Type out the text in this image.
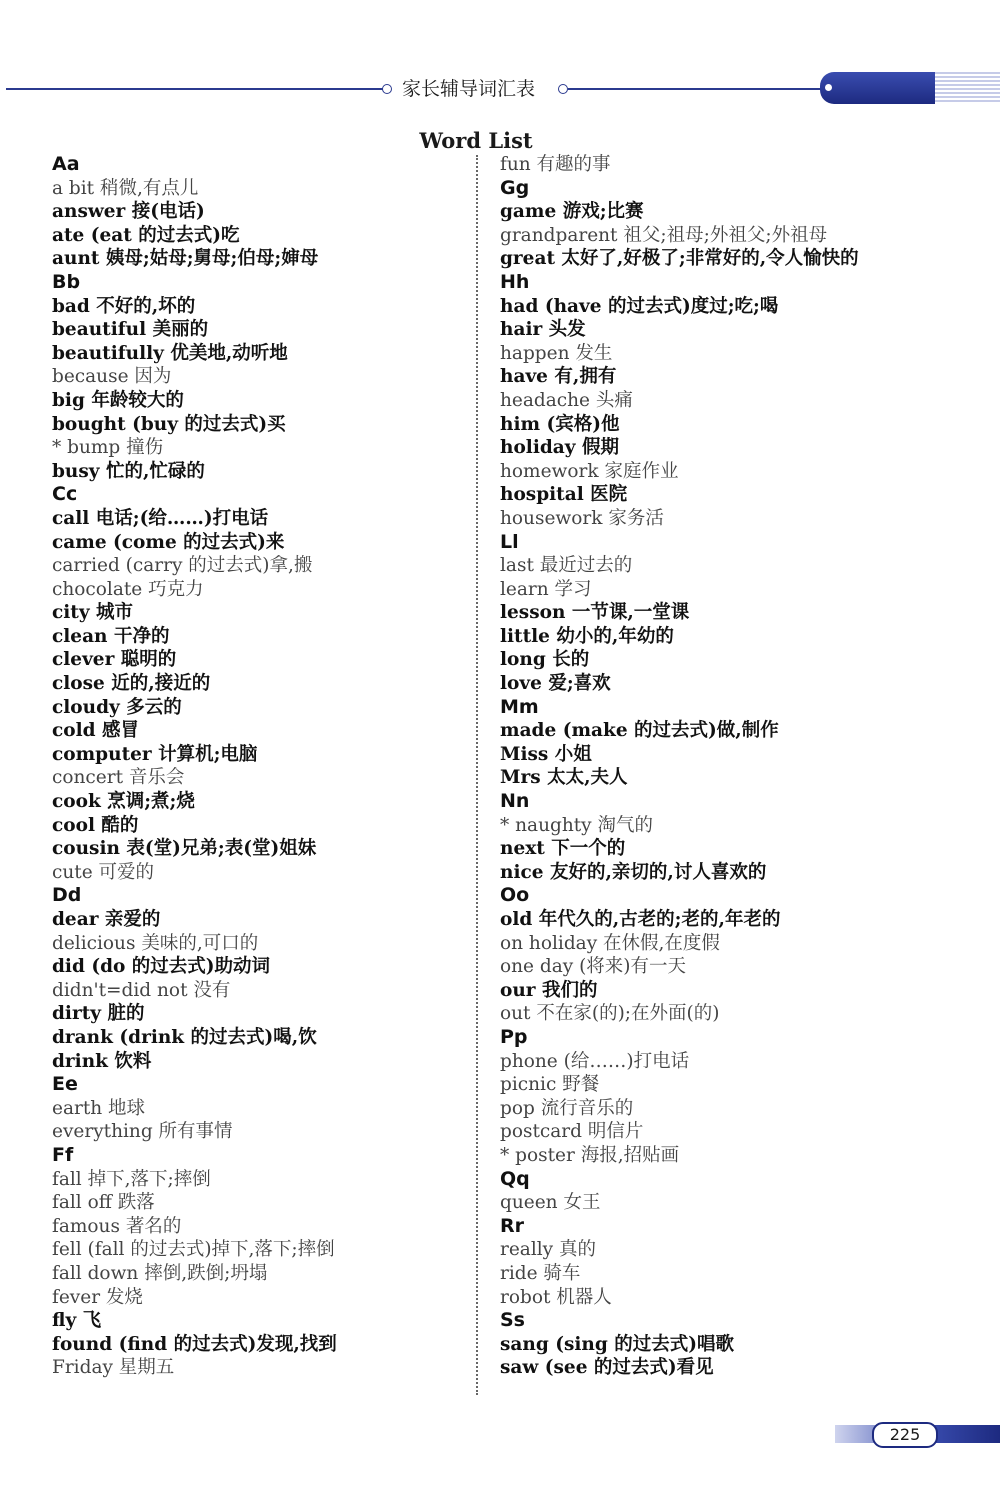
家长辅导词汇表
Word List
Aa
a bit 稍微,有点儿
answer 接(电话)
ate (eat 的过去式)吃
aunt 姨母;姑母;舅母;伯母;婶母
Bb
bad 不好的,坏的
beautiful 美丽的
beautifully 优美地,动听地
because 因为
big 年龄较大的
bought (buy 的过去式)买
* bump 撞伤
busy 忙的,忙碌的
Cc
call 电话;(给……)打电话
came (come 的过去式)来
carried (carry 的过去式)拿,搬
chocolate 巧克力
city 城市
clean 干净的
clever 聪明的
close 近的,接近的
cloudy 多云的
cold 感冒
computer 计算机;电脑
concert 音乐会
cook 烹调;煮;烧
cool 酷的
cousin 表(堂)兄弟;表(堂)姐妹
cute 可爱的
Dd
dear 亲爱的
delicious 美味的,可口的
did (do 的过去式)助动词
didn't=did not 没有
dirty 脏的
drank (drink 的过去式)喝,饮
drink 饮料
Ee
earth 地球
everything 所有事情
Ff
fall 掉下,落下;摔倒
fall off 跌落
famous 著名的
fell (fall 的过去式)掉下,落下;摔倒
fall down 摔倒,跌倒;坍塌
fever 发烧
fly 飞
found (find 的过去式)发现,找到
Friday 星期五
fun 有趣的事
Gg
game 游戏;比赛
grandparent 祖父;祖母;外祖父;外祖母
great 太好了,好极了;非常好的,令人愉快的
Hh
had (have 的过去式)度过;吃;喝
hair 头发
happen 发生
have 有,拥有
headache 头痛
him (宾格)他
holiday 假期
homework 家庭作业
hospital 医院
housework 家务活
Ll
last 最近过去的
learn 学习
lesson 一节课,一堂课
little 幼小的,年幼的
long 长的
love 爱;喜欢
Mm
made (make 的过去式)做,制作
Miss 小姐
Mrs 太太,夫人
Nn
* naughty 淘气的
next 下一个的
nice 友好的,亲切的,讨人喜欢的
Oo
old 年代久的,古老的;老的,年老的
on holiday 在休假,在度假
one day (将来)有一天
our 我们的
out 不在家(的);在外面(的)
Pp
phone (给……)打电话
picnic 野餐
pop 流行音乐的
postcard 明信片
* poster 海报,招贴画
Qq
queen 女王
Rr
really 真的
ride 骑车
robot 机器人
Ss
sang (sing 的过去式)唱歌
saw (see 的过去式)看见
225
